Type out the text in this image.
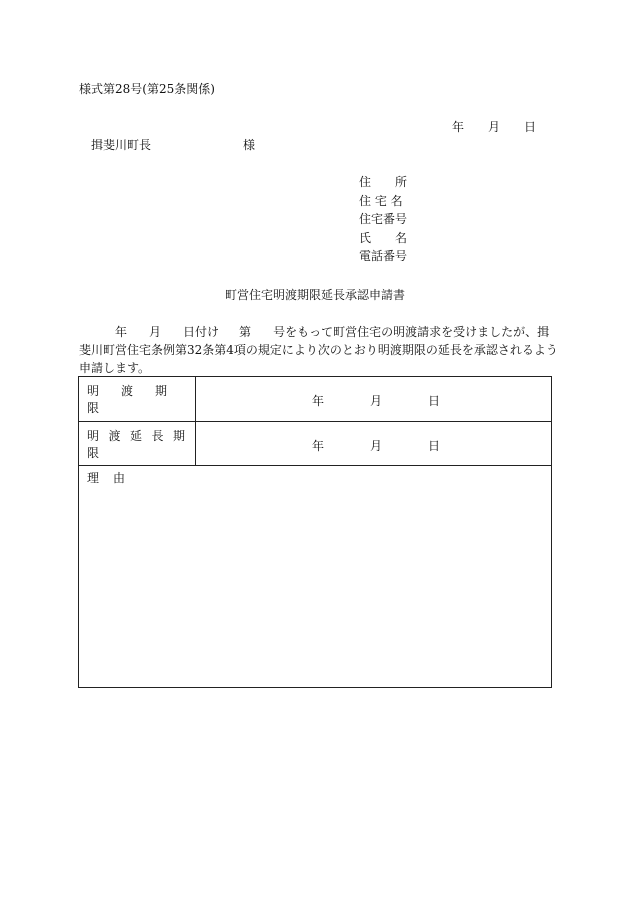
様式第28号(第25条関係)
年 月 日
揖斐川町長	様
住　　所
住 宅 名
住宅番号
氏　　名
電話番号
町営住宅明渡期限延長承認申請書
年 月 日付け 第 号をもって町営住宅の明渡請求を受けましたが、揖
斐川町営住宅条例第32条第4項の規定により次のとおり明渡期限の延長を承認されるよう
申請します。
明渡期限	年	月	日
明渡延長期限	年	月	日
理由
